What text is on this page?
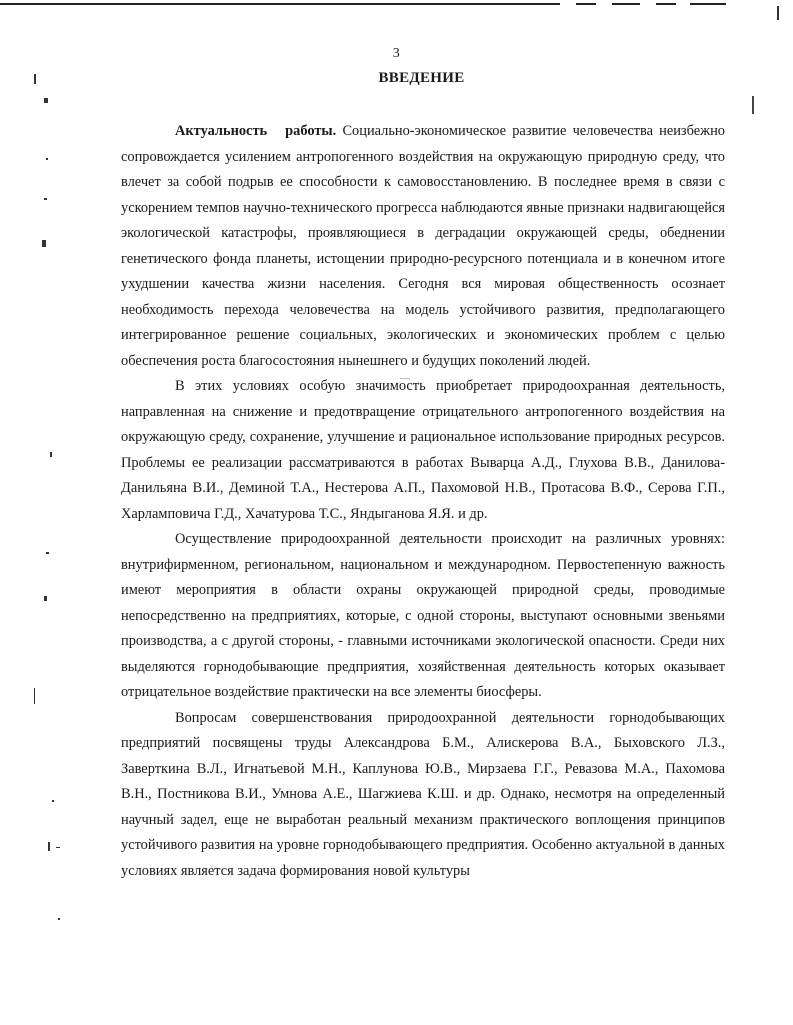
3
ВВЕДЕНИЕ

Актуальность работы. Социально-экономическое развитие человечества неизбежно сопровождается усилением антропогенного воздействия на окружающую природную среду, что влечет за собой подрыв ее способности к самовосстановлению. В последнее время в связи с ускорением темпов научно-технического прогресса наблюдаются явные признаки надвигающейся экологической катастрофы, проявляющиеся в деградации окружающей среды, обеднении генетического фонда планеты, истощении природно-ресурсного потенциала и в конечном итоге ухудшении качества жизни населения. Сегодня вся мировая общественность осознает необходимость перехода человечества на модель устойчивого развития, предполагающего интегрированное решение социальных, экологических и экономических проблем с целью обеспечения роста благосостояния нынешнего и будущих поколений людей.

В этих условиях особую значимость приобретает природоохранная деятельность, направленная на снижение и предотвращение отрицательного антропогенного воздействия на окружающую среду, сохранение, улучшение и рациональное использование природных ресурсов. Проблемы ее реализации рассматриваются в работах Выварца А.Д., Глухова В.В., Данилова-Данильяна В.И., Деминой Т.А., Нестерова А.П., Пахомовой Н.В., Протасова В.Ф., Серова Г.П., Харламповича Г.Д., Хачатурова Т.С., Яндыганова Я.Я. и др.

Осуществление природоохранной деятельности происходит на различных уровнях: внутрифирменном, региональном, национальном и международном. Первостепенную важность имеют мероприятия в области охраны окружающей природной среды, проводимые непосредственно на предприятиях, которые, с одной стороны, выступают основными звеньями производства, а с другой стороны, - главными источниками экологической опасности. Среди них выделяются горнодобывающие предприятия, хозяйственная деятельность которых оказывает отрицательное воздействие практически на все элементы биосферы.

Вопросам совершенствования природоохранной деятельности горнодобывающих предприятий посвящены труды Александрова Б.М., Алискерова В.А., Быховского Л.З., Заверткина В.Л., Игнатьевой М.Н., Каплунова Ю.В., Мирзаева Г.Г., Ревазова М.А., Пахомова В.Н., Постникова В.И., Умнова А.Е., Шагжиева К.Ш. и др. Однако, несмотря на определенный научный задел, еще не выработан реальный механизм практического воплощения принципов устойчивого развития на уровне горнодобывающего предприятия. Особенно актуальной в данных условиях является задача формирования новой культуры
